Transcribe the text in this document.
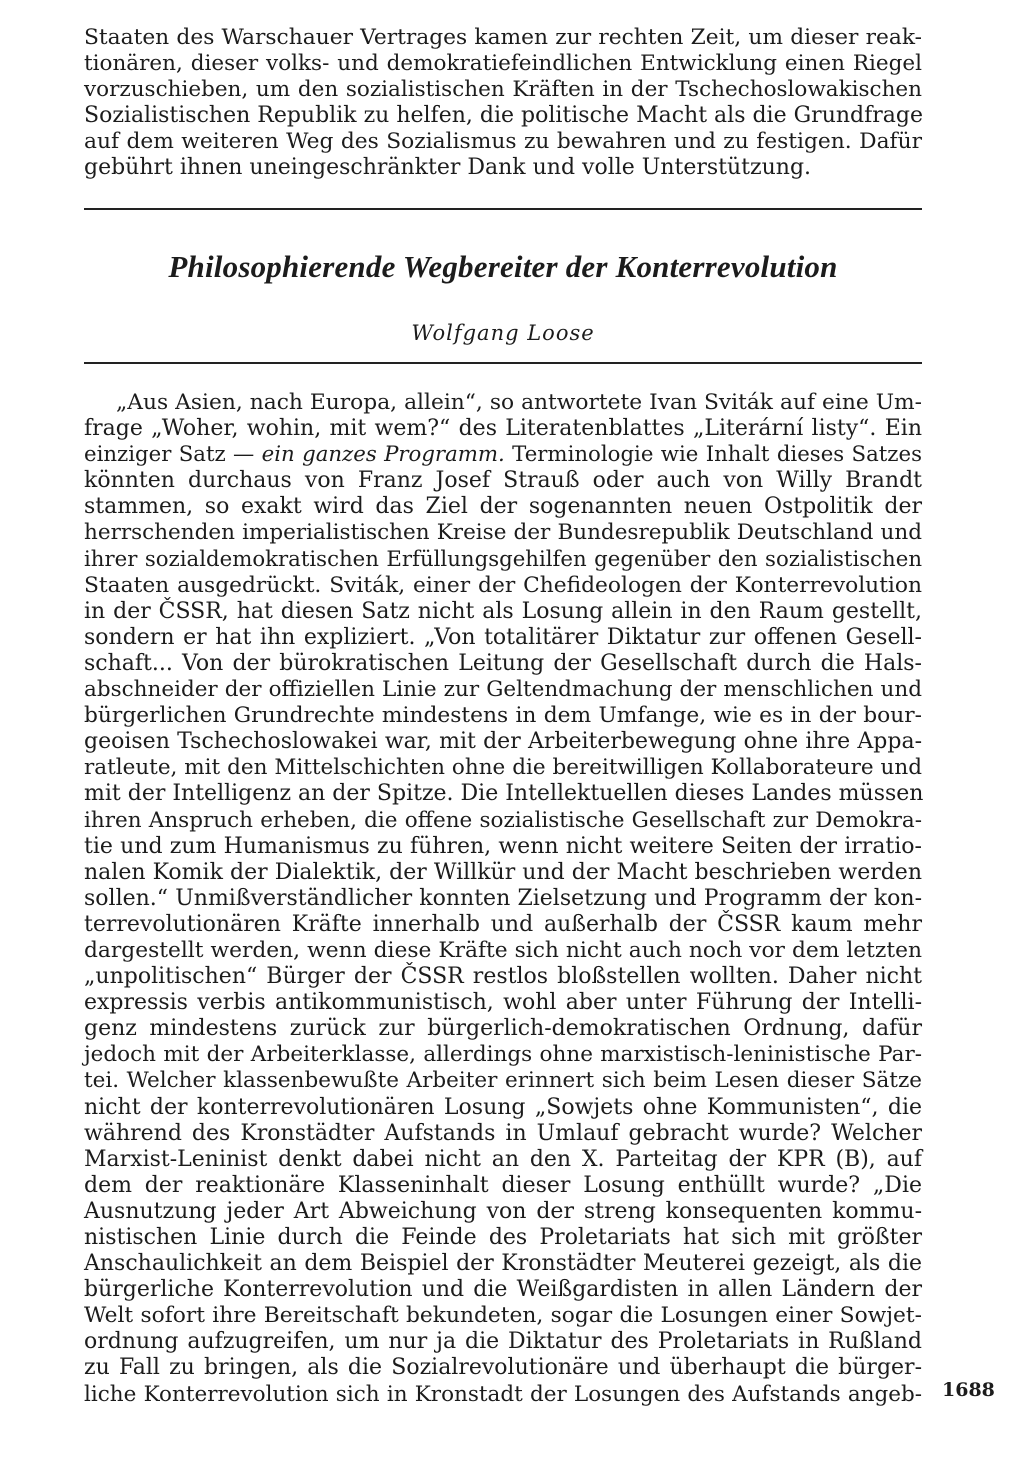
Staaten des Warschauer Vertrages kamen zur rechten Zeit, um dieser reak-
tionären, dieser volks- und demokratiefeindlichen Entwicklung einen Riegel
vorzuschieben, um den sozialistischen Kräften in der Tschechoslowakischen
Sozialistischen Republik zu helfen, die politische Macht als die Grundfrage
auf dem weiteren Weg des Sozialismus zu bewahren und zu festigen. Dafür
gebührt ihnen uneingeschränkter Dank und volle Unterstützung.
Philosophierende Wegbereiter der Konterrevolution
Wolfgang Loose
„Aus Asien, nach Europa, allein“, so antwortete Ivan Sviták auf eine Um-
frage „Woher, wohin, mit wem?“ des Literatenblattes „Literární listy“. Ein
einziger Satz — ein ganzes Programm. Terminologie wie Inhalt dieses Satzes
könnten durchaus von Franz Josef Strauß oder auch von Willy Brandt
stammen, so exakt wird das Ziel der sogenannten neuen Ostpolitik der
herrschenden imperialistischen Kreise der Bundesrepublik Deutschland und
ihrer sozialdemokratischen Erfüllungsgehilfen gegenüber den sozialistischen
Staaten ausgedrückt. Sviták, einer der Chefideologen der Konterrevolution
in der ČSSR, hat diesen Satz nicht als Losung allein in den Raum gestellt,
sondern er hat ihn expliziert. „Von totalitärer Diktatur zur offenen Gesell-
schaft... Von der bürokratischen Leitung der Gesellschaft durch die Hals-
abschneider der offiziellen Linie zur Geltendmachung der menschlichen und
bürgerlichen Grundrechte mindestens in dem Umfange, wie es in der bour-
geoisen Tschechoslowakei war, mit der Arbeiterbewegung ohne ihre Appa-
ratleute, mit den Mittelschichten ohne die bereitwilligen Kollaborateure und
mit der Intelligenz an der Spitze. Die Intellektuellen dieses Landes müssen
ihren Anspruch erheben, die offene sozialistische Gesellschaft zur Demokra-
tie und zum Humanismus zu führen, wenn nicht weitere Seiten der irratio-
nalen Komik der Dialektik, der Willkür und der Macht beschrieben werden
sollen.“ Unmißverständlicher konnten Zielsetzung und Programm der kon-
terrevolutionären Kräfte innerhalb und außerhalb der ČSSR kaum mehr
dargestellt werden, wenn diese Kräfte sich nicht auch noch vor dem letzten
„unpolitischen“ Bürger der ČSSR restlos bloßstellen wollten. Daher nicht
expressis verbis antikommunistisch, wohl aber unter Führung der Intelli-
genz mindestens zurück zur bürgerlich-demokratischen Ordnung, dafür
jedoch mit der Arbeiterklasse, allerdings ohne marxistisch-leninistische Par-
tei. Welcher klassenbewußte Arbeiter erinnert sich beim Lesen dieser Sätze
nicht der konterrevolutionären Losung „Sowjets ohne Kommunisten“, die
während des Kronstädter Aufstands in Umlauf gebracht wurde? Welcher
Marxist-Leninist denkt dabei nicht an den X. Parteitag der KPR (B), auf
dem der reaktionäre Klasseninhalt dieser Losung enthüllt wurde? „Die
Ausnutzung jeder Art Abweichung von der streng konsequenten kommu-
nistischen Linie durch die Feinde des Proletariats hat sich mit größter
Anschaulichkeit an dem Beispiel der Kronstädter Meuterei gezeigt, als die
bürgerliche Konterrevolution und die Weißgardisten in allen Ländern der
Welt sofort ihre Bereitschaft bekundeten, sogar die Losungen einer Sowjet-
ordnung aufzugreifen, um nur ja die Diktatur des Proletariats in Rußland
zu Fall zu bringen, als die Sozialrevolutionäre und überhaupt die bürger-
liche Konterrevolution sich in Kronstadt der Losungen des Aufstands angeb- 1688
